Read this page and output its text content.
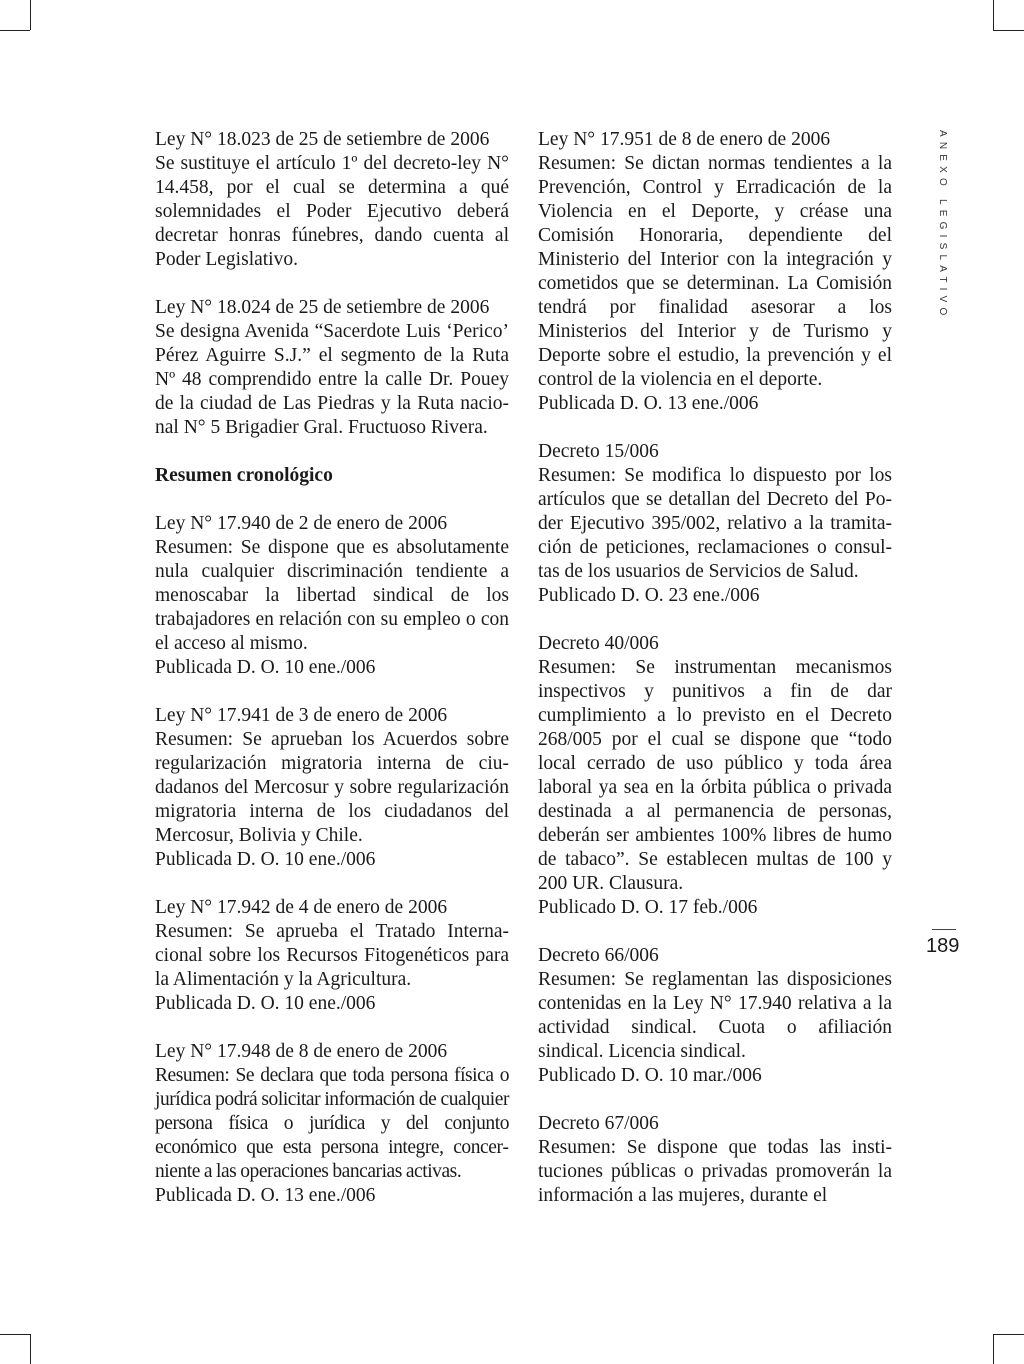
Ley N° 18.023 de 25 de setiembre de 2006

Se sustituye el artículo 1º del decreto-ley N° 14.458, por el cual se determina a qué solemnidades el Poder Ejecutivo deberá decretar honras fúnebres, dando cuenta al Poder Legislativo.

Ley N° 18.024 de 25 de setiembre de 2006

Se designa Avenida “Sacerdote Luis ‘Perico’ Pérez Aguirre S.J.” el segmento de la Ruta Nº 48 comprendido entre la calle Dr. Pouey de la ciudad de Las Piedras y la Ruta nacional N° 5 Brigadier Gral. Fructuoso Rivera.

Resumen cronológico

Ley N° 17.940 de 2 de enero de 2006

Resumen: Se dispone que es absolutamente nula cualquier discriminación tendiente a menoscabar la libertad sindical de los trabajadores en relación con su empleo o con el acceso al mismo.

Publicada D. O. 10 ene./006

Ley N° 17.941 de 3 de enero de 2006

Resumen: Se aprueban los Acuerdos sobre regularización migratoria interna de ciudadanos del Mercosur y sobre regularización migratoria interna de los ciudadanos del Mercosur, Bolivia y Chile.

Publicada D. O. 10 ene./006

Ley N° 17.942 de 4 de enero de 2006

Resumen: Se aprueba el Tratado Internacional sobre los Recursos Fitogenéticos para la Alimentación y la Agricultura.

Publicada D. O. 10 ene./006

Ley N° 17.948 de 8 de enero de 2006

Resumen: Se declara que toda persona física o jurídica podrá solicitar información de cualquier persona física o jurídica y del conjunto económico que esta persona integre, concerniente a las operaciones bancarias activas.

Publicada D. O. 13 ene./006

Ley N° 17.951 de 8 de enero de 2006

Resumen: Se dictan normas tendientes a la Prevención, Control y Erradicación de la Violencia en el Deporte, y créase una Comisión Honoraria, dependiente del Ministerio del Interior con la integración y cometidos que se determinan. La Comisión tendrá por finalidad asesorar a los Ministerios del Interior y de Turismo y Deporte sobre el estudio, la prevención y el control de la violencia en el deporte.

Publicada D. O. 13 ene./006

Decreto 15/006

Resumen: Se modifica lo dispuesto por los artículos que se detallan del Decreto del Poder Ejecutivo 395/002, relativo a la tramitación de peticiones, reclamaciones o consultas de los usuarios de Servicios de Salud.

Publicado D. O. 23 ene./006

Decreto 40/006

Resumen: Se instrumentan mecanismos inspectivos y punitivos a fin de dar cumplimiento a lo previsto en el Decreto 268/005 por el cual se dispone que “todo local cerrado de uso público y toda área laboral ya sea en la órbita pública o privada destinada a al permanencia de personas, deberán ser ambientes 100% libres de humo de tabaco”. Se establecen multas de 100 y 200 UR. Clausura.

Publicado D. O. 17 feb./006

Decreto 66/006

Resumen: Se reglamentan las disposiciones contenidas en la Ley N° 17.940 relativa a la actividad sindical. Cuota o afiliación sindical. Licencia sindical.

Publicado D. O. 10 mar./006

Decreto 67/006

Resumen: Se dispone que todas las instituciones públicas o privadas promoverán la información a las mujeres, durante el

ANEXO LEGISLATIVO
189
